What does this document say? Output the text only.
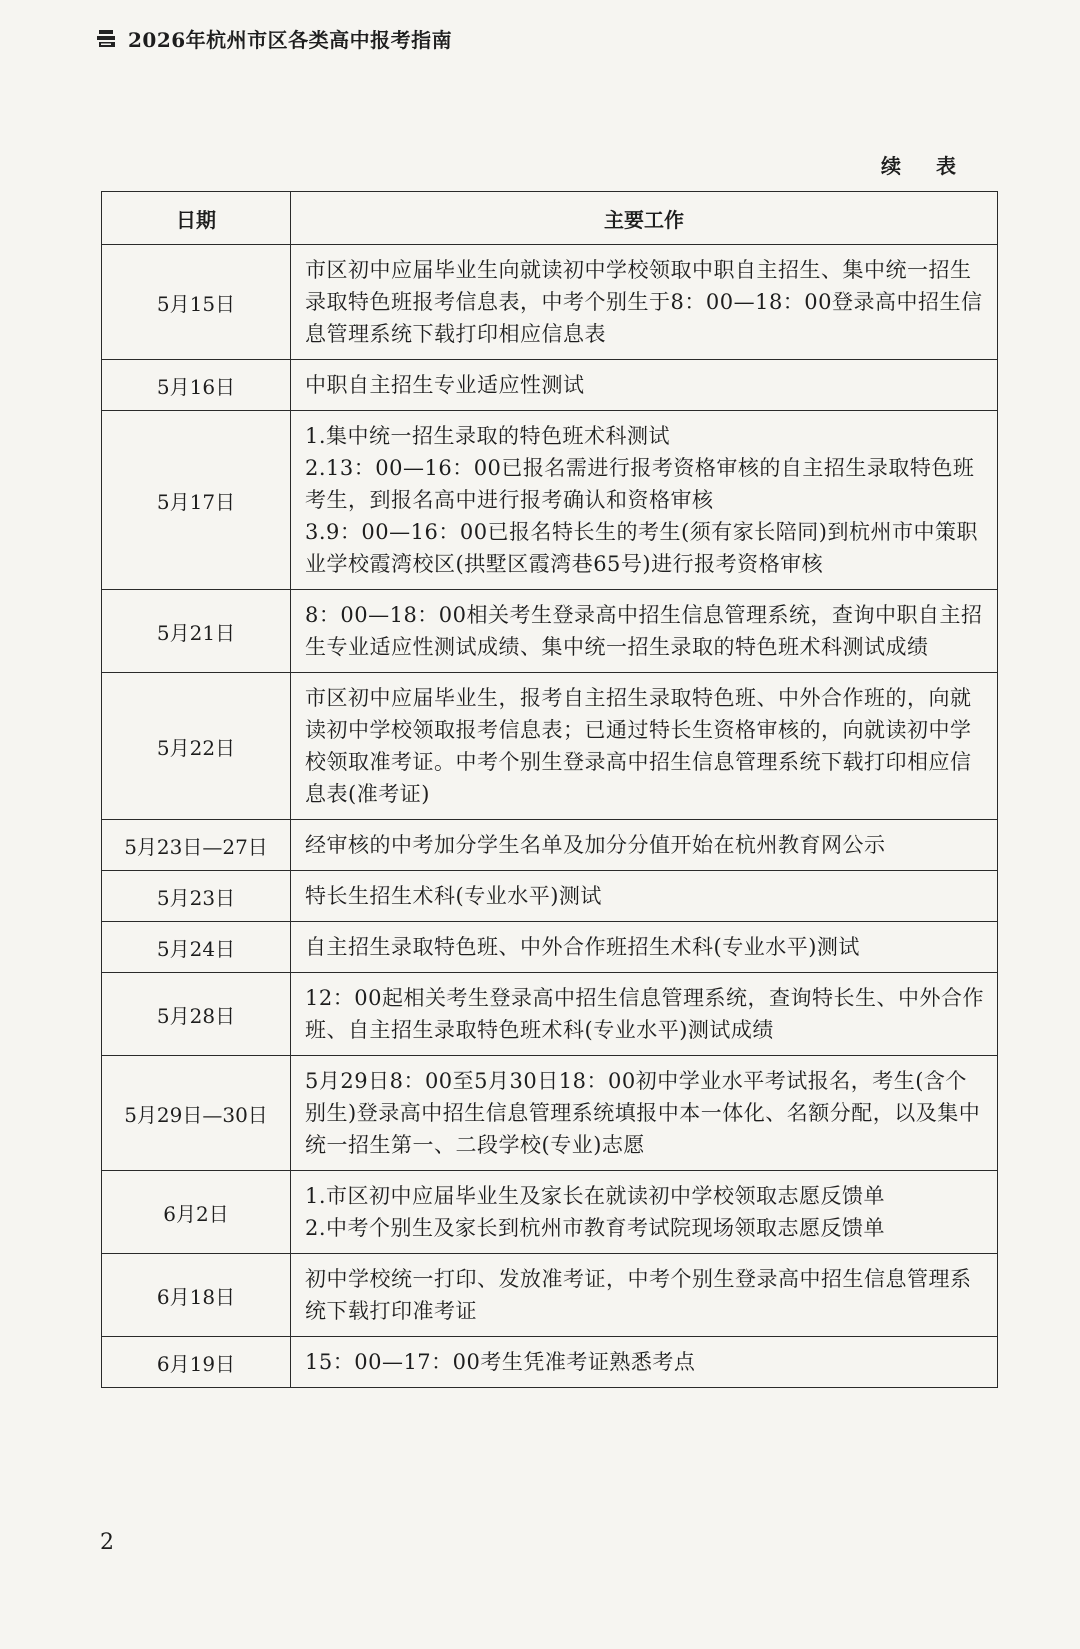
2026年杭州市区各类高中报考指南
续 表
日期	主要工作
5月15日	市区初中应届毕业生向就读初中学校领取中职自主招生、集中统一招生录取特色班报考信息表，中考个别生于8：00—18：00登录高中招生信息管理系统下载打印相应信息表

5月16日	中职自主招生专业适应性测试

5月17日	1.集中统一招生录取的特色班术科测试
2.13：00—16：00已报名需进行报考资格审核的自主招生录取特色班考生，到报名高中进行报考确认和资格审核
3.9：00—16：00已报名特长生的考生(须有家长陪同)到杭州市中策职业学校霞湾校区(拱墅区霞湾巷65号)进行报考资格审核

5月21日	8：00—18：00相关考生登录高中招生信息管理系统，查询中职自主招生专业适应性测试成绩、集中统一招生录取的特色班术科测试成绩

5月22日	市区初中应届毕业生，报考自主招生录取特色班、中外合作班的，向就读初中学校领取报考信息表；已通过特长生资格审核的，向就读初中学校领取准考证。中考个别生登录高中招生信息管理系统下载打印相应信息表(准考证)

5月23日—27日	经审核的中考加分学生名单及加分分值开始在杭州教育网公示

5月23日	特长生招生术科(专业水平)测试

5月24日	自主招生录取特色班、中外合作班招生术科(专业水平)测试

5月28日	12：00起相关考生登录高中招生信息管理系统，查询特长生、中外合作班、自主招生录取特色班术科(专业水平)测试成绩

5月29日—30日	5月29日8：00至5月30日18：00初中学业水平考试报名，考生(含个别生)登录高中招生信息管理系统填报中本一体化、名额分配，以及集中统一招生第一、二段学校(专业)志愿

6月2日	1.市区初中应届毕业生及家长在就读初中学校领取志愿反馈单
2.中考个别生及家长到杭州市教育考试院现场领取志愿反馈单

6月18日	初中学校统一打印、发放准考证，中考个别生登录高中招生信息管理系统下载打印准考证

6月19日	15：00—17：00考生凭准考证熟悉考点
2
